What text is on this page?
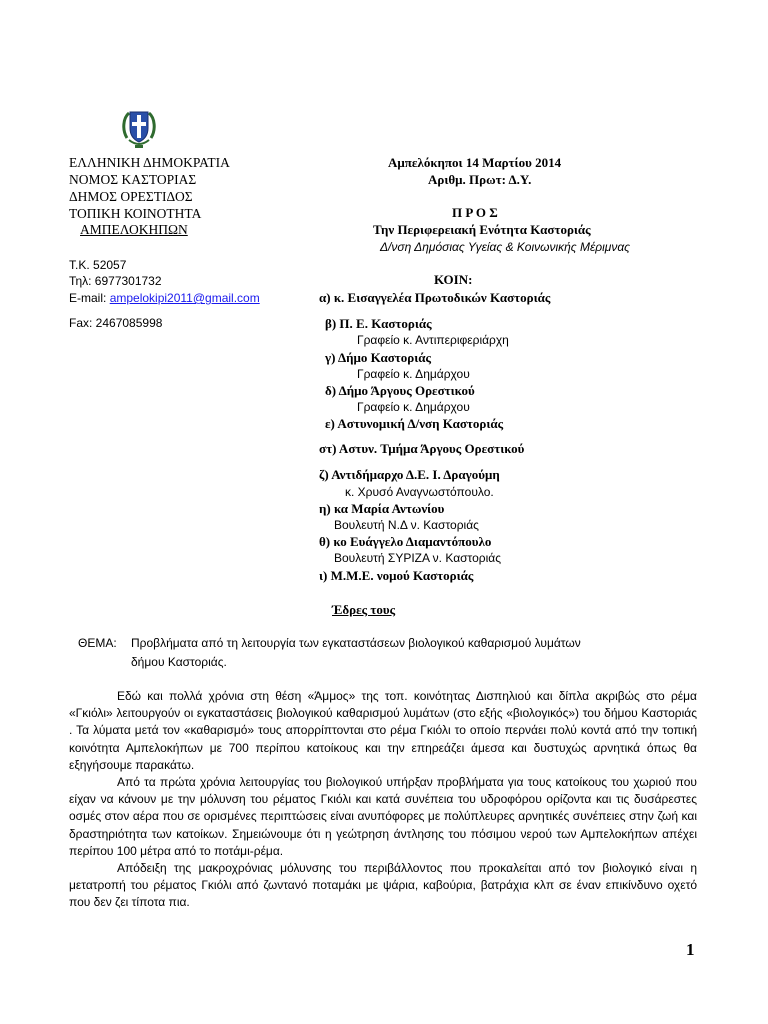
ΕΛΛΗΝΙΚΗ ΔΗΜΟΚΡΑΤΙΑ
ΝΟΜΟΣ ΚΑΣΤΟΡΙΑΣ
ΔΗΜΟΣ ΟΡΕΣΤΙΔΟΣ
ΤΟΠΙΚΗ ΚΟΙΝΟΤΗΤΑ
ΑΜΠΕΛΟΚΗΠΩΝ
Τ.Κ. 52057
Τηλ: 6977301732
E-mail: ampelokipi2011@gmail.com
Fax: 2467085998
Αμπελόκηποι 14 Μαρτίου 2014
Αριθμ. Πρωτ: Δ.Υ.
Π Ρ Ο Σ
Την Περιφερειακή Ενότητα Καστοριάς
Δ/νση Δημόσιας Υγείας & Κοινωνικής Μέριμνας
ΚΟΙΝ:
α) κ. Εισαγγελέα Πρωτοδικών Καστοριάς
β) Π. Ε. Καστοριάς
Γραφείο κ. Αντιπεριφεριάρχη
γ) Δήμο Καστοριάς
Γραφείο κ. Δημάρχου
δ) Δήμο Άργους Ορεστικού
Γραφείο κ. Δημάρχου
ε) Αστυνομική Δ/νση Καστοριάς
στ) Αστυν. Τμήμα Άργους Ορεστικού
ζ) Αντιδήμαρχο Δ.Ε. Ι. Δραγούμη
κ. Χρυσό Αναγνωστόπουλο.
η) κα Μαρία Αντωνίου
Βουλευτή Ν.Δ ν. Καστοριάς
θ) κο Ευάγγελο Διαμαντόπουλο
Βουλευτή ΣΥΡΙΖΑ ν. Καστοριάς
ι) Μ.Μ.Ε. νομού Καστοριάς
Έδρες τους
ΘΕΜΑ: Προβλήματα από τη λειτουργία των εγκαταστάσεων βιολογικού καθαρισμού λυμάτων
δήμου Καστοριάς.

Εδώ και πολλά χρόνια στη θέση «Άμμος» της τοπ. κοινότητας Δισπηλιού και δίπλα ακριβώς στο ρέμα «Γκιόλι» λειτουργούν οι εγκαταστάσεις βιολογικού καθαρισμού λυμάτων (στο εξής «βιολογικός») του δήμου Καστοριάς . Τα λύματα μετά τον «καθαρισμό» τους απορρίπτονται στο ρέμα Γκιόλι το οποίο περνάει πολύ κοντά από την τοπική κοινότητα Αμπελοκήπων με 700 περίπου κατοίκους και την επηρεάζει άμεσα και δυστυχώς αρνητικά όπως θα εξηγήσουμε παρακάτω.

Από τα πρώτα χρόνια λειτουργίας του βιολογικού υπήρξαν προβλήματα για τους κατοίκους του χωριού που είχαν να κάνουν με την μόλυνση του ρέματος Γκιόλι και κατά συνέπεια του υδροφόρου ορίζοντα και τις δυσάρεστες οσμές στον αέρα που σε ορισμένες περιπτώσεις είναι ανυπόφορες με πολύπλευρες αρνητικές συνέπειες στην ζωή και δραστηριότητα των κατοίκων. Σημειώνουμε ότι η γεώτρηση άντλησης του πόσιμου νερού των Αμπελοκήπων απέχει περίπου 100 μέτρα από το ποτάμι-ρέμα.

Απόδειξη της μακροχρόνιας μόλυνσης του περιβάλλοντος που προκαλείται από τον βιολογικό είναι η μετατροπή του ρέματος Γκιόλι από ζωντανό ποταμάκι με ψάρια, καβούρια, βατράχια κλπ σε έναν επικίνδυνο οχετό που δεν ζει τίποτα πια.

1
